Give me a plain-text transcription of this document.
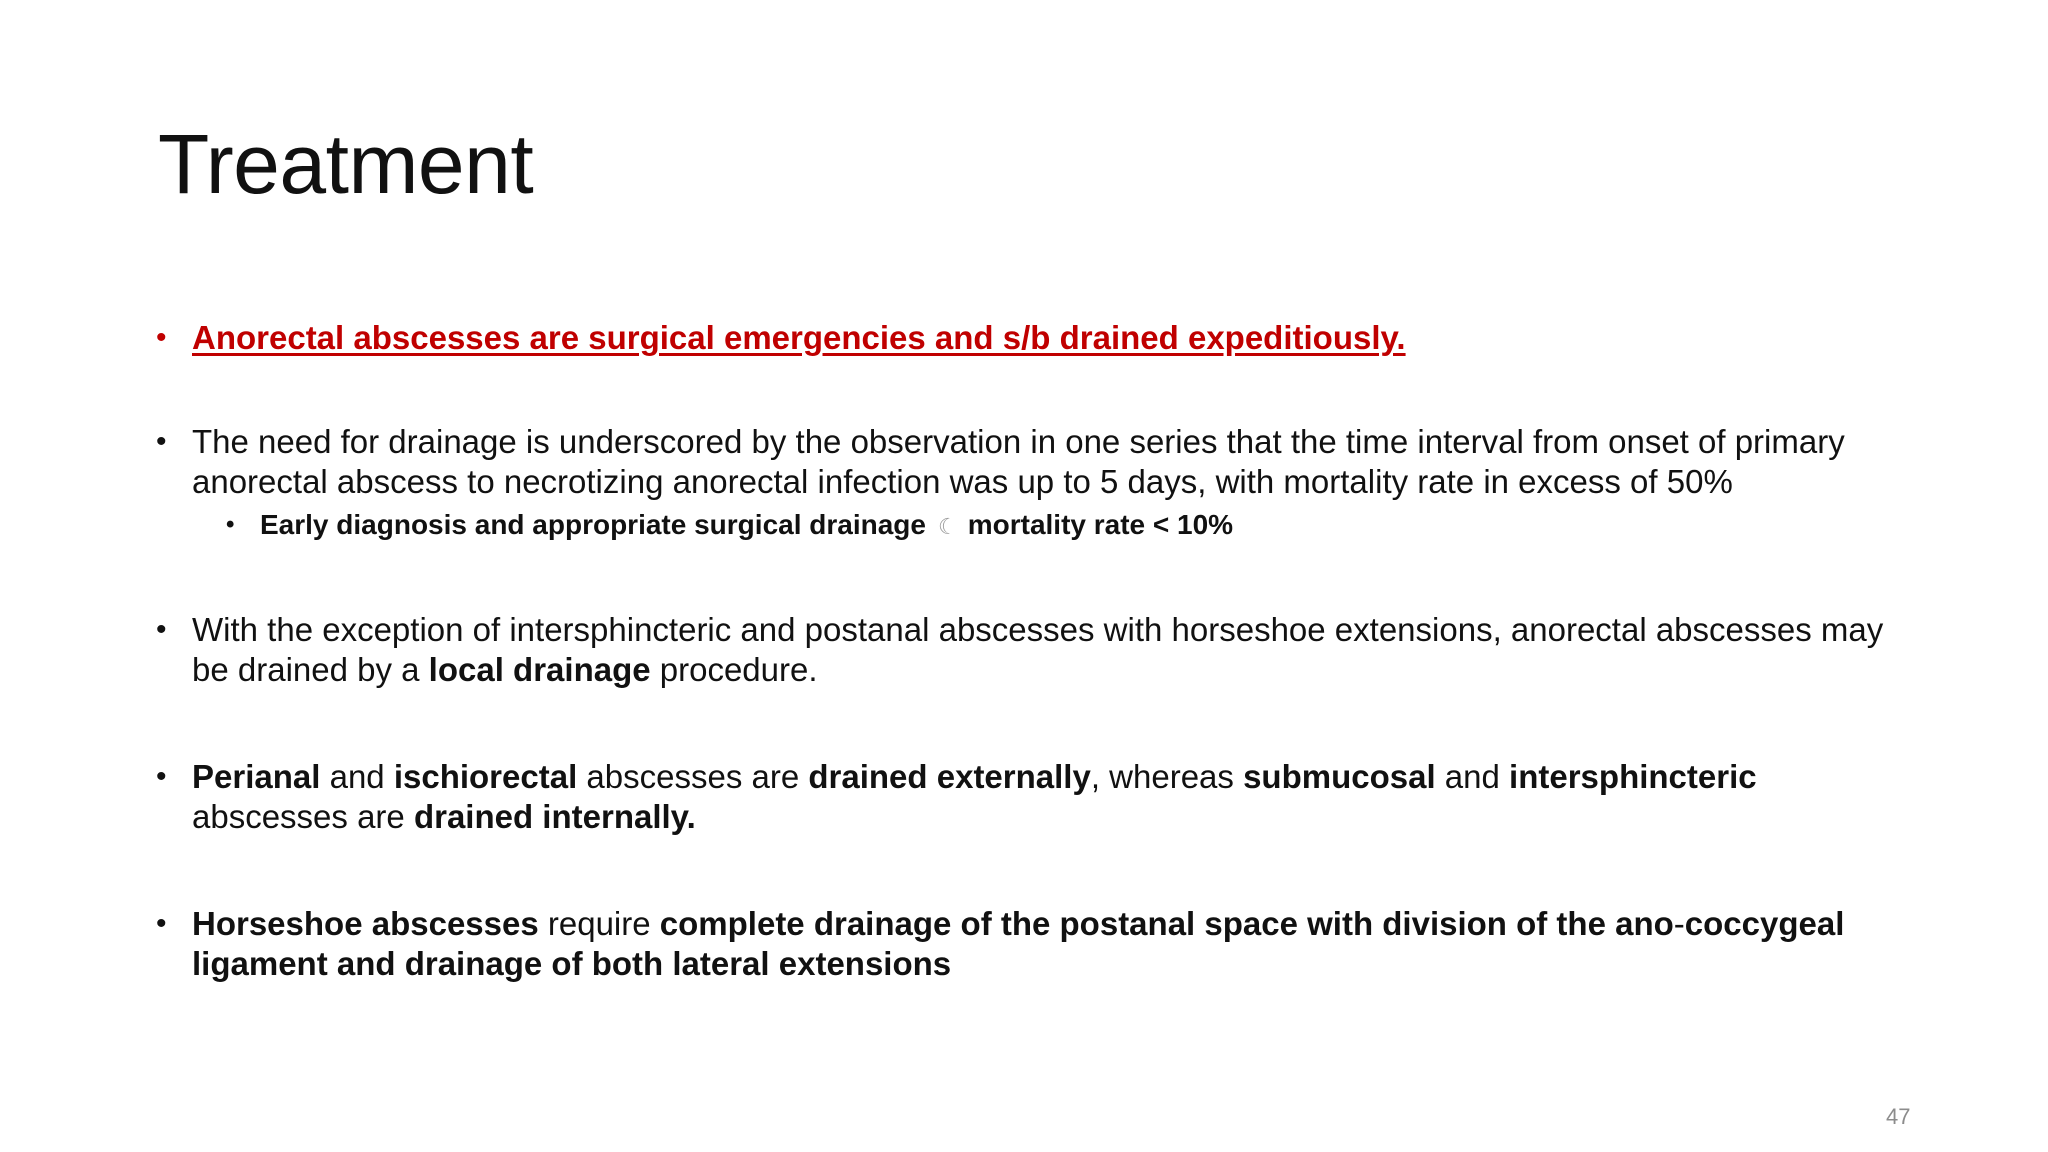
Treatment
• Anorectal abscesses are surgical emergencies and s/b drained expeditiously.
• The need for drainage is underscored by the observation in one series that the time interval from onset of primary anorectal abscess to necrotizing anorectal infection was up to 5 days, with mortality rate in excess of 50%
• Early diagnosis and appropriate surgical drainage ☾ mortality rate < 10%
• With the exception of intersphincteric and postanal abscesses with horseshoe extensions, anorectal abscesses may be drained by a local drainage procedure.
• Perianal and ischiorectal abscesses are drained externally, whereas submucosal and intersphincteric abscesses are drained internally.
• Horseshoe abscesses require complete drainage of the postanal space with division of the ano-coccygeal ligament and drainage of both lateral extensions
47
